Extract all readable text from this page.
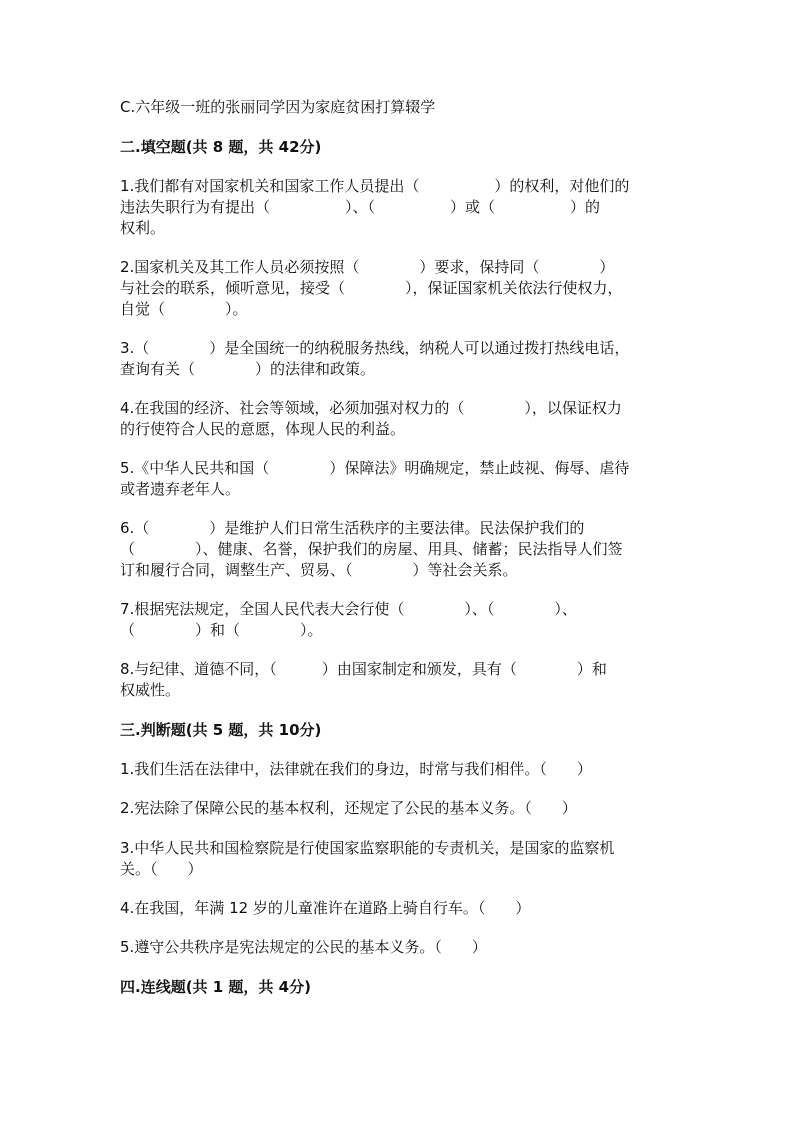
C.六年级一班的张丽同学因为家庭贫困打算辍学
二.填空题(共 8 题，共 42分)
1.我们都有对国家机关和国家工作人员提出（　　　　　）的权利，对他们的
违法失职行为有提出（　　　　　）、（　　　　　）或（　　　　　）的
权利。
2.国家机关及其工作人员必须按照（　　　　）要求，保持同（　　　　）
与社会的联系，倾听意见，接受（　　　　），保证国家机关依法行使权力，
自觉（　　　　）。
3.（　　　　）是全国统一的纳税服务热线，纳税人可以通过拨打热线电话，
查询有关（　　　　）的法律和政策。
4.在我国的经济、社会等领域，必须加强对权力的（　　　　），以保证权力
的行使符合人民的意愿，体现人民的利益。
5.《中华人民共和国（　　　　）保障法》明确规定，禁止歧视、侮辱、虐待
或者遗弃老年人。
6.（　　　　）是维护人们日常生活秩序的主要法律。民法保护我们的
（　　　　）、健康、名誉，保护我们的房屋、用具、储蓄；民法指导人们签
订和履行合同，调整生产、贸易、（　　　　）等社会关系。
7.根据宪法规定，全国人民代表大会行使（　　　　）、（　　　　）、
（　　　　）和（　　　　）。
8.与纪律、道德不同，（　　　）由国家制定和颁发，具有（　　　　）和
权威性。
三.判断题(共 5 题，共 10分)
1.我们生活在法律中，法律就在我们的身边，时常与我们相伴。（　　）
2.宪法除了保障公民的基本权利，还规定了公民的基本义务。（　　）
3.中华人民共和国检察院是行使国家监察职能的专责机关，是国家的监察机
关。（　　）
4.在我国，年满 12 岁的儿童准许在道路上骑自行车。（　　）
5.遵守公共秩序是宪法规定的公民的基本义务。（　　）
四.连线题(共 1 题，共 4分)
